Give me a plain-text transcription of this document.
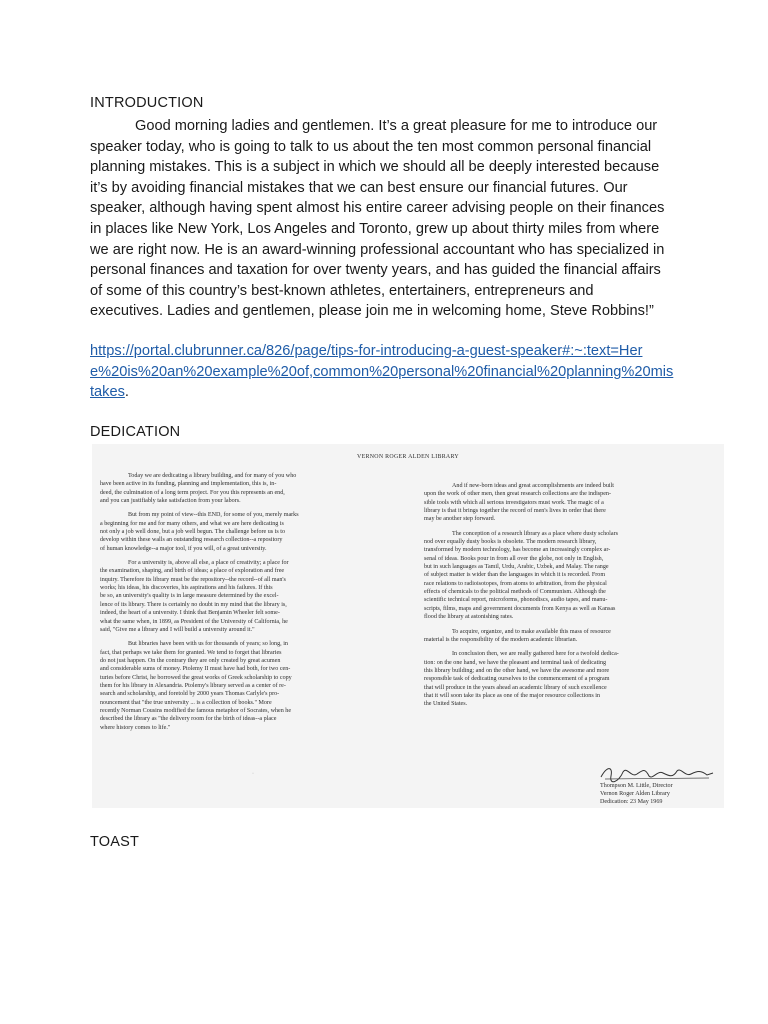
INTRODUCTION
Good morning ladies and gentlemen. It’s a great pleasure for me to introduce our
speaker today, who is going to talk to us about the ten most common personal financial
planning mistakes. This is a subject in which we should all be deeply interested because
it’s by avoiding financial mistakes that we can best ensure our financial futures. Our
speaker, although having spent almost his entire career advising people on their finances
in places like New York, Los Angeles and Toronto, grew up about thirty miles from where
we are right now. He is an award-winning professional accountant who has specialized in
personal finances and taxation for over twenty years, and has guided the financial affairs
of some of this country’s best-known athletes, entertainers, entrepreneurs and
executives. Ladies and gentlemen, please join me in welcoming home, Steve Robbins!”
https://portal.clubrunner.ca/826/page/tips-for-introducing-a-guest-speaker#:~:text=Her
e%20is%20an%20example%20of,common%20personal%20financial%20planning%20mis
takes.
DEDICATION
VERNON ROGER ALDEN LIBRARY
Today we are dedicating a library building, and for many of you who
have been active in its funding, planning and implementation, this is, in-
deed, the culmination of a long term project. For you this represents an end,
and you can justifiably take satisfaction from your labors.
But from my point of view--this END, for some of you, merely marks
a beginning for me and for many others, and what we are here dedicating is
not only a job well done, but a job well begun. The challenge before us is to
develop within these walls an outstanding research collection--a repository
of human knowledge--a major tool, if you will, of a great university.
For a university is, above all else, a place of creativity; a place for
the examination, shaping, and birth of ideas; a place of exploration and free
inquiry. Therefore its library must be the repository--the record--of all man's
works; his ideas, his discoveries, his aspirations and his failures. If this
be so, an university's quality is in large measure determined by the excel-
lence of its library. There is certainly no doubt in my mind that the library is,
indeed, the heart of a university. I think that Benjamin Wheeler felt some-
what the same when, in 1899, as President of the University of California, he
said, "Give me a library and I will build a university around it."
But libraries have been with us for thousands of years; so long, in
fact, that perhaps we take them for granted. We tend to forget that libraries
do not just happen. On the contrary they are only created by great acumen
and considerable sums of money. Ptolemy II must have had both, for two cen-
turies before Christ, he borrowed the great works of Greek scholarship to copy
them for his library in Alexandria. Ptolemy's library served as a center of re-
search and scholarship, and foretold by 2000 years Thomas Carlyle's pro-
nouncement that "the true university ... is a collection of books." More
recently Norman Cousins modified the famous metaphor of Socrates, when he
described the library as "the delivery room for the birth of ideas--a place
where history comes to life."
And if new-born ideas and great accomplishments are indeed built
upon the work of other men, then great research collections are the indispen-
sible tools with which all serious investigators must work. The magic of a
library is that it brings together the record of men's lives in order that there
may be another step forward.
The conception of a research library as a place where dusty scholars
nod over equally dusty books is obsolete. The modern research library,
transformed by modern technology, has become an increasingly complex ar-
senal of ideas. Books pour in from all over the globe, not only in English,
but in such languages as Tamil, Urdu, Arabic, Uzbek, and Malay. The range
of subject matter is wider than the languages in which it is recorded. From
race relations to radioisotopes, from atoms to arbitration, from the physical
effects of chemicals to the political methods of Communism. Although the
scientific technical report, microforms, phonodiscs, audio tapes, and manu-
scripts, films, maps and government documents from Kenya as well as Kansas
flood the library at astonishing rates.
To acquire, organize, and to make available this mass of resource
material is the responsibility of the modern academic librarian.
In conclusion then, we are really gathered here for a twofold dedica-
tion: on the one hand, we have the pleasant and terminal task of dedicating
this library building; and on the other hand, we have the awesome and more
responsible task of dedicating ourselves to the commencement of a program
that will produce in the years ahead an academic library of such excellence
that it will soon take its place as one of the major resource collections in
the United States.
·
Thompson M. Little, Director
Vernon Roger Alden Library
Dedication: 23 May 1969
TOAST
